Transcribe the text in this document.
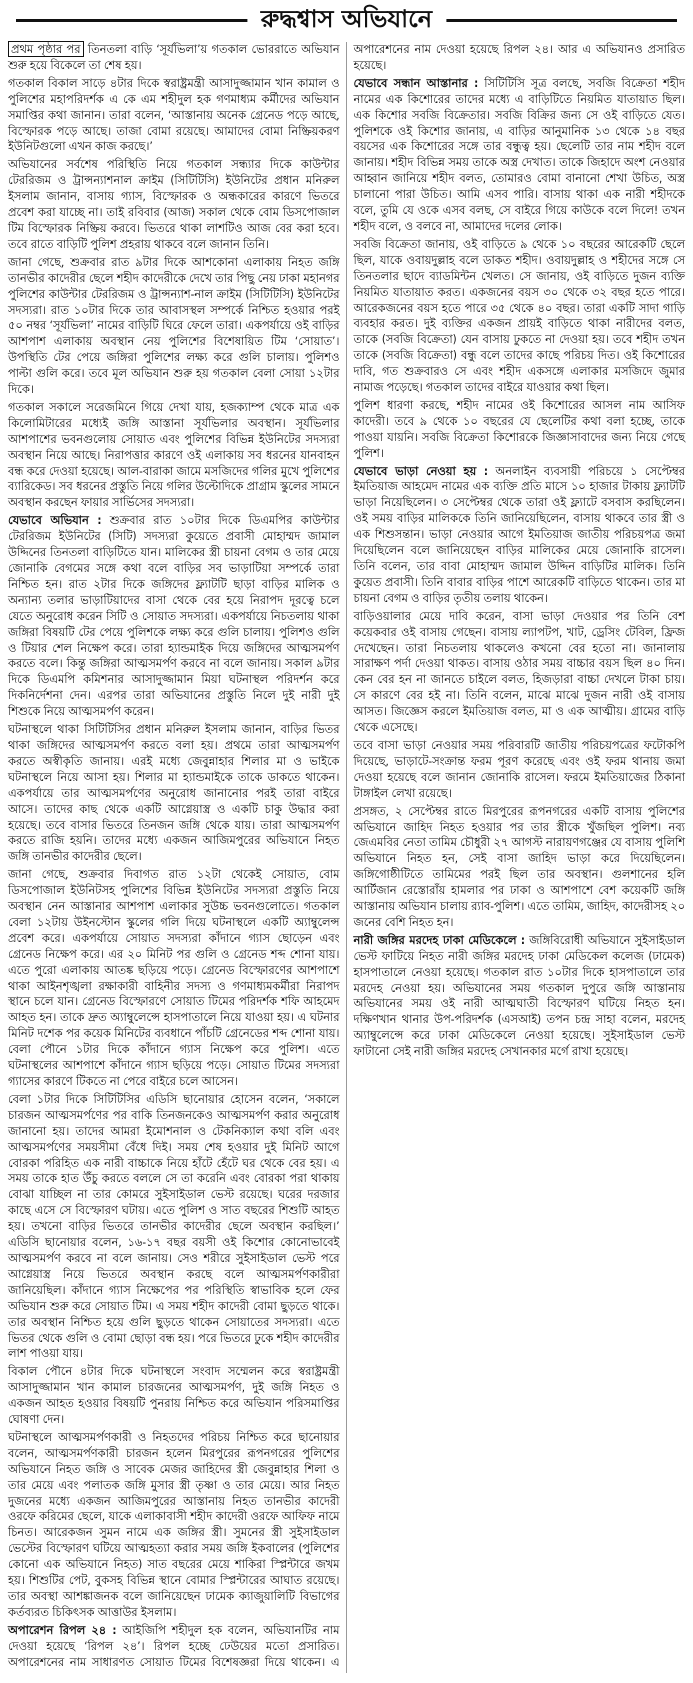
রুদ্ধশ্বাস অভিযানে

প্রথম পৃষ্ঠার পর তিনতলা বাড়ি ‘সূর্যভিলা’য় গতকাল ভোররাতে অভিযান শুরু হয়ে বিকেলে তা শেষ হয়।

গতকাল বিকাল সাড়ে ৪টার দিকে স্বরাষ্ট্রমন্ত্রী আসাদুজ্জামান খান কামাল ও পুলিশের মহাপরিদর্শক এ কে এম শহীদুল হক গণমাধ্যম কর্মীদের অভিযান সমাপ্তির কথা জানান। তারা বলেন, ‘আস্তানায় অনেক গ্রেনেড পড়ে আছে, বিস্ফোরক পড়ে আছে। তাজা বোমা রয়েছে। আমাদের বোমা নিষ্ক্রিয়করণ ইউনিটগুলো এখন কাজ করছে।’

অভিযানের সর্বশেষ পরিস্থিতি নিয়ে গতকাল সন্ধ্যার দিকে কাউন্টার টেররিজম ও ট্রান্সন্যাশনাল ক্রাইম (সিটিটিসি) ইউনিটের প্রধান মনিরুল ইসলাম জানান, বাসায় গ্যাস, বিস্ফোরক ও অন্ধকারের কারণে ভিতরে প্রবেশ করা যাচ্ছে না। তাই রবিবার (আজ) সকাল থেকে বোম ডিসপোজাল টিম বিস্ফোরক নিষ্ক্রিয় করবে। ভিতরে থাকা লাশটিও আজ বের করা হবে। তবে রাতে বাড়িটি পুলিশ প্রহরায় থাকবে বলে জানান তিনি।

জানা গেছে, শুক্রবার রাত ৯টার দিকে আশকোনা এলাকায় নিহত জঙ্গি তানভীর কাদেরীর ছেলে শহীদ কাদেরীকে দেখে তার পিছু নেয় ঢাকা মহানগর পুলিশের কাউন্টার টেররিজম ও ট্রান্সন্যাশ-নাল ক্রাইম (সিটিটিসি) ইউনিটের সদস্যরা। রাত ১০টার দিকে তার আবাসস্থল সম্পর্কে নিশ্চিত হওয়ার পরই ৫০ নম্বর ‘সূর্যভিলা’ নামের বাড়িটি ঘিরে ফেলে তারা। একপর্যায়ে ওই বাড়ির আশপাশ এলাকায় অবস্থান নেয় পুলিশের বিশেষায়িত টিম ‘সোয়াত’। উপস্থিতি টের পেয়ে জঙ্গিরা পুলিশের লক্ষ্য করে গুলি চালায়। পুলিশও পাল্টা গুলি করে। তবে মূল অভিযান শুরু হয় গতকাল বেলা সোয়া ১২টার দিকে।

গতকাল সকালে সরেজমিনে গিয়ে দেখা যায়, হজক্যাম্প থেকে মাত্র এক কিলোমিটারের মধ্যেই জঙ্গি আস্তানা সূর্যভিলার অবস্থান। সূর্যভিলার আশপাশের ভবনগুলোয় সোয়াত এবং পুলিশের বিভিন্ন ইউনিটের সদস্যরা অবস্থান নিয়ে আছে। নিরাপত্তার কারণে ওই এলাকায় সব ধরনের যানবাহন বন্ধ করে দেওয়া হয়েছে। আল-বারাকা জামে মসজিদের গলির মুখে পুলিশের ব্যারিকেড। সব ধরনের প্রস্তুতি নিয়ে গলির উল্টোদিকে প্রাগ্রাম স্কুলের সামনে অবস্থান করছেন ফায়ার সার্ভিসের সদস্যরা।

যেভাবে অভিযান : শুক্রবার রাত ১০টার দিকে ডিএমপির কাউন্টার টেররিজম ইউনিটের (সিটি) সদস্যরা কুয়েতে প্রবাসী মোহাম্মদ জামাল উদ্দিনের তিনতলা বাড়িটিতে যান। মালিকের স্ত্রী চায়না বেগম ও তার মেয়ে জোনাকি বেগমের সঙ্গে কথা বলে বাড়ির সব ভাড়াটিয়া সম্পর্কে তারা নিশ্চিত হন। রাত ২টার দিকে জঙ্গিদের ফ্ল্যাটটি ছাড়া বাড়ির মালিক ও অন্যান্য তলার ভাড়াটিয়াদের বাসা থেকে বের হয়ে নিরাপদ দূরত্বে চলে যেতে অনুরোধ করেন সিটি ও সোয়াত সদস্যরা। একপর্যায়ে নিচতলায় থাকা জঙ্গিরা বিষয়টি টের পেয়ে পুলিশকে লক্ষ্য করে গুলি চালায়। পুলিশও গুলি ও টিয়ার শেল নিক্ষেপ করে। তারা হ্যান্ডমাইক দিয়ে জঙ্গিদের আত্মসমর্পণ করতে বলে। কিন্তু জঙ্গিরা আত্মসমর্পণ করবে না বলে জানায়। সকাল ৯টার দিকে ডিএমপি কমিশনার আসাদুজ্জামান মিয়া ঘটনাস্থল পরিদর্শন করে দিকনির্দেশনা দেন। এরপর তারা অভিযানের প্রস্তুতি নিলে দুই নারী দুই শিশুকে নিয়ে আত্মসমর্পণ করেন।

ঘটনাস্থলে থাকা সিটিটিসির প্রধান মনিরুল ইসলাম জানান, বাড়ির ভিতর থাকা জঙ্গিদের আত্মসমর্পণ করতে বলা হয়। প্রথমে তারা আত্মসমর্পণ করতে অস্বীকৃতি জানায়। এরই মধ্যে জেবুন্নাহার শিলার মা ও ভাইকে ঘটনাস্থলে নিয়ে আসা হয়। শিলার মা হ্যান্ডমাইকে তাকে ডাকতে থাকেন। একপর্যায়ে তার আত্মসমর্পণের অনুরোধ জানানোর পরই তারা বাইরে আসে। তাদের কাছ থেকে একটি আগ্নেয়াস্ত্র ও একটি চাকু উদ্ধার করা হয়েছে। তবে বাসার ভিতরে তিনজন জঙ্গি থেকে যায়। তারা আত্মসমর্পণ করতে রাজি হয়নি। তাদের মধ্যে একজন আজিমপুরের অভিযানে নিহত জঙ্গি তানভীর কাদেরীর ছেলে।

জানা গেছে, শুক্রবার দিবাগত রাত ১২টা থেকেই সোয়াত, বোম ডিসপোজাল ইউনিটসহ পুলিশের বিভিন্ন ইউনিটের সদস্যরা প্রস্তুতি নিয়ে অবস্থান নেন আস্তানার আশপাশ এলাকার সুউচ্চ ভবনগুলোতে। গতকাল বেলা ১২টায় উইনস্টোন স্কুলের গলি দিয়ে ঘটনাস্থলে একটি অ্যাম্বুলেন্স প্রবেশ করে। একপর্যায়ে সোয়াত সদস্যরা কাঁদানে গ্যাস ছোড়েন এবং গ্রেনেড নিক্ষেপ করে। এর ২০ মিনিট পর গুলি ও গ্রেনেড শব্দ শোনা যায়। এতে পুরো এলাকায় আতঙ্ক ছড়িয়ে পড়ে। গ্রেনেড বিস্ফোরণের আশপাশে থাকা আইনশৃঙ্খলা রক্ষাকারী বাহিনীর সদস্য ও গণমাধ্যমকর্মীরা নিরাপদ স্থানে চলে যান। গ্রেনেড বিস্ফোরণে সোয়াত টিমের পরিদর্শক শফি আহমেদ আহত হন। তাকে দ্রুত অ্যাম্বুলেন্সে হাসপাতালে নিয়ে যাওয়া হয়। এ ঘটনার মিনিট দশেক পর কয়েক মিনিটের ব্যবধানে পাঁচটি গ্রেনেডের শব্দ শোনা যায়। বেলা পৌনে ১টার দিকে কাঁদানে গ্যাস নিক্ষেপ করে পুলিশ। এতে ঘটনাস্থলের আশপাশে কাঁদানে গ্যাস ছড়িয়ে পড়ে। সোয়াত টিমের সদস্যরা গ্যাসের কারণে টিকতে না পেরে বাইরে চলে আসেন।

বেলা ১টার দিকে সিটিটিসির এডিসি ছানোয়ার হোসেন বলেন, ‘সকালে চারজন আত্মসমর্পণের পর বাকি তিনজনকেও আত্মসমর্পণ করার অনুরোধ জানানো হয়। তাদের আমরা ইমোশনাল ও টেকনিক্যাল কথা বলি এবং আত্মসমর্পণের সময়সীমা বেঁধে দিই। সময় শেষ হওয়ার দুই মিনিট আগে বোরকা পরিহিত এক নারী বাচ্চাকে নিয়ে হাঁটে হেঁটে ঘর থেকে বের হয়। এ সময় তাকে হাত উঁচু করতে বললে সে তা করেনি এবং বোরকা পরা থাকায় বোঝা যাচ্ছিল না তার কোমরে সুইসাইডাল ভেস্ট রয়েছে। ঘরের দরজার কাছে এসে সে বিস্ফোরণ ঘটায়। এতে পুলিশ ও সাত বছরের শিশুটি আহত হয়। তখনো বাড়ির ভিতরে তানভীর কাদেরীর ছেলে অবস্থান করছিল।’ এডিসি ছানোয়ার বলেন, ১৬-১৭ বছর বয়সী ওই কিশোর কোনোভাবেই আত্মসমর্পণ করবে না বলে জানায়। সেও শরীরে সুইসাইডাল ভেস্ট পরে আগ্নেয়াস্ত্র নিয়ে ভিতরে অবস্থান করছে বলে আত্মসমর্পণকারীরা জানিয়েছিল। কাঁদানে গ্যাস নিক্ষেপের পর পরিস্থিতি স্বাভাবিক হলে ফের অভিযান শুরু করে সোয়াত টিম। এ সময় শহীদ কাদেরী বোমা ছুড়তে থাকে। তার অবস্থান নিশ্চিত হয়ে গুলি ছুড়তে থাকেন সোয়াতের সদস্যরা। এতে ভিতর থেকে গুলি ও বোমা ছোড়া বন্ধ হয়। পরে ভিতরে ঢুকে শহীদ কাদেরীর লাশ পাওয়া যায়।

বিকাল পৌনে ৪টার দিকে ঘটনাস্থলে সংবাদ সম্মেলন করে স্বরাষ্ট্রমন্ত্রী আসাদুজ্জামান খান কামাল চারজনের আত্মসমর্পণ, দুই জঙ্গি নিহত ও একজন আহত হওয়ার বিষয়টি পুনরায় নিশ্চিত করে অভিযান পরিসমাপ্তির ঘোষণা দেন।

ঘটনাস্থলে আত্মসমর্পণকারী ও নিহতদের পরিচয় নিশ্চিত করে ছানোয়ার বলেন, আত্মসমর্পণকারী চারজন হলেন মিরপুরের রূপনগরের পুলিশের অভিযানে নিহত জঙ্গি ও সাবেক মেজর জাহিদের স্ত্রী জেবুন্নাহার শিলা ও তার মেয়ে এবং পলাতক জঙ্গি মুসার স্ত্রী তৃষ্ণা ও তার মেয়ে। আর নিহত দুজনের মধ্যে একজন আজিমপুরের আস্তানায় নিহত তানভীর কাদেরী ওরফে করিমের ছেলে, যাকে এলাকাবাসী শহীদ কাদেরী ওরফে আফিফ নামে চিনত। আরেকজন সুমন নামে এক জঙ্গির স্ত্রী। সুমনের স্ত্রী সুইসাইডাল ভেস্টের বিস্ফোরণ ঘটিয়ে আত্মহত্যা করার সময় জঙ্গি ইকবালের (পুলিশের কোনো এক অভিযানে নিহত) সাত বছরের মেয়ে শাকিরা স্প্লিন্টারে জখম হয়। শিশুটির পেট, বুকসহ বিভিন্ন স্থানে বোমার স্প্লিন্টারের আঘাত রয়েছে। তার অবস্থা আশঙ্কাজনক বলে জানিয়েছেন ঢামেক ক্যাজুয়ালিটি বিভাগের কর্তব্যরত চিকিৎসক আত্তাউর ইসলাম।

অপারেশন রিপল ২৪ : আইজিপি শহীদুল হক বলেন, অভিযানটির নাম দেওয়া হয়েছে ‘রিপল ২৪’। রিপল হচ্ছে ঢেউয়ের মতো প্রসারিত। অপারেশনের নাম সাধারণত সোয়াত টিমের বিশেষজ্ঞরা দিয়ে থাকেন। এ অপারেশনের নাম দেওয়া হয়েছে রিপল ২৪। আর এ অভিযানও প্রসারিত হয়েছে।

যেভাবে সন্ধান আস্তানার : সিটিটিসি সূত্র বলছে, সবজি বিক্রেতা শহীদ নামের এক কিশোরের তাদের মধ্যে এ বাড়িটিতে নিয়মিত যাতায়াত ছিল। এক কিশোর সবজি বিক্রেতার। সবজি বিক্রির জন্য সে ওই বাড়িতে যেত। পুলিশকে ওই কিশোর জানায়, এ বাড়ির আনুমানিক ১৩ থেকে ১৪ বছর বয়সের এক কিশোরের সঙ্গে তার বন্ধুত্ব হয়। ছেলেটি তার নাম শহীদ বলে জানায়। শহীদ বিভিন্ন সময় তাকে অস্ত্র দেখাত। তাকে জিহাদে অংশ নেওয়ার আহ্বান জানিয়ে শহীদ বলত, তোমারও বোমা বানানো শেখা উচিত, অস্ত্র চালানো পারা উচিত। আমি এসব পারি। বাসায় থাকা এক নারী শহীদকে বলে, তুমি যে ওকে এসব বলছ, সে বাইরে গিয়ে কাউকে বলে দিলে! তখন শহীদ বলে, ও বলবে না, আমাদের দলের লোক।

সবজি বিক্রেতা জানায়, ওই বাড়িতে ৯ থেকে ১০ বছরের আরেকটি ছেলে ছিল, যাকে ওবায়দুল্লাহ বলে ডাকত শহীদ। ওবায়দুল্লাহ ও শহীদের সঙ্গে সে তিনতলার ছাদে ব্যাডমিন্টন খেলত। সে জানায়, ওই বাড়িতে দুজন ব্যক্তি নিয়মিত যাতায়াত করত। একজনের বয়স ৩০ থেকে ৩২ বছর হতে পারে। আরেকজনের বয়স হতে পারে ৩৫ থেকে ৪০ বছর। তারা একটি সাদা গাড়ি ব্যবহার করত। দুই ব্যক্তির একজন প্রায়ই বাড়িতে থাকা নারীদের বলত, তাকে (সবজি বিক্রেতা) যেন বাসায় ঢুকতে না দেওয়া হয়। তবে শহীদ তখন তাকে (সবজি বিক্রেতা) বন্ধু বলে তাদের কাছে পরিচয় দিত। ওই কিশোরের দাবি, গত শুক্রবারও সে এবং শহীদ একসঙ্গে এলাকার মসজিদে জুমার নামাজ পড়েছে। গতকাল তাদের বাইরে যাওয়ার কথা ছিল।

পুলিশ ধারণা করছে, শহীদ নামের ওই কিশোরের আসল নাম আসিফ কাদেরী। তবে ৯ থেকে ১০ বছরের যে ছেলেটির কথা বলা হচ্ছে, তাকে পাওয়া যায়নি। সবজি বিক্রেতা কিশোরকে জিজ্ঞাসাবাদের জন্য নিয়ে গেছে পুলিশ।

যেভাবে ভাড়া নেওয়া হয় : অনলাইন ব্যবসায়ী পরিচয়ে ১ সেপ্টেম্বর ইমতিয়াজ আহমেদ নামের এক ব্যক্তি প্রতি মাসে ১০ হাজার টাকায় ফ্ল্যাটটি ভাড়া নিয়েছিলেন। ৩ সেপ্টেম্বর থেকে তারা ওই ফ্ল্যাটে বসবাস করছিলেন। ওই সময় বাড়ির মালিককে তিনি জানিয়েছিলেন, বাসায় থাকবে তার স্ত্রী ও এক শিশুসন্তান। ভাড়া নেওয়ার আগে ইমতিয়াজ জাতীয় পরিচয়পত্র জমা দিয়েছিলেন বলে জানিয়েছেন বাড়ির মালিকের মেয়ে জোনাকি রাসেল। তিনি বলেন, তার বাবা মোহাম্মদ জামাল উদ্দিন বাড়িটির মালিক। তিনি কুয়েত প্রবাসী। তিনি বাবার বাড়ির পাশে আরেকটি বাড়িতে থাকেন। তার মা চায়না বেগম ও বাড়ির তৃতীয় তলায় থাকেন।

বাড়িওয়ালার মেয়ে দাবি করেন, বাসা ভাড়া দেওয়ার পর তিনি বেশ কয়েকবার ওই বাসায় গেছেন। বাসায় ল্যাপটপ, খাট, ড্রেসিং টেবিল, ফ্রিজ দেখেছেন। তারা নিচতলায় থাকলেও কখনো বের হতো না। জানালায় সারাক্ষণ পর্দা দেওয়া থাকত। বাসায় ওঠার সময় বাচ্চার বয়স ছিল ৪০ দিন। কেন বের হন না জানতে চাইলে বলত, হিজড়ারা বাচ্চা দেখলে টাকা চায়। সে কারণে বের হই না। তিনি বলেন, মাঝে মাঝে দুজন নারী ওই বাসায় আসত। জিজ্ঞেস করলে ইমতিয়াজ বলত, মা ও এক আত্মীয়। গ্রামের বাড়ি থেকে এসেছে।

তবে বাসা ভাড়া নেওয়ার সময় পরিবারটি জাতীয় পরিচয়পত্রের ফটোকপি দিয়েছে, ভাড়াটে-সংক্রান্ত ফরম পূরণ করেছে এবং ওই ফরম থানায় জমা দেওয়া হয়েছে বলে জানান জোনাকি রাসেল। ফরমে ইমতিয়াজের ঠিকানা টাঙ্গাইল লেখা রয়েছে।

প্রসঙ্গত, ২ সেপ্টেম্বর রাতে মিরপুরের রূপনগরের একটি বাসায় পুলিশের অভিযানে জাহিদ নিহত হওয়ার পর তার স্ত্রীকে খুঁজছিল পুলিশ। নব্য জেএমবির নেতা তামিম চৌধুরী ২৭ আগস্ট নারায়ণগঞ্জের যে বাসায় পুলিশি অভিযানে নিহত হন, সেই বাসা জাহিদ ভাড়া করে দিয়েছিলেন। জঙ্গিগোষ্ঠীটিতে তামিমের পরই ছিল তার অবস্থান। গুলশানের হলি আর্টিজান রেস্তোরাঁয় হামলার পর ঢাকা ও আশপাশে বেশ কয়েকটি জঙ্গি আস্তানায় অভিযান চালায় র‌্যাব-পুলিশ। এতে তামিম, জাহিদ, কাদেরীসহ ২০ জনের বেশি নিহত হন।

নারী জঙ্গির মরদেহ ঢাকা মেডিকেলে : জঙ্গিবিরোধী অভিযানে সুইসাইডাল ভেস্ট ফাটিয়ে নিহত নারী জঙ্গির মরদেহ ঢাকা মেডিকেল কলেজ (ঢামেক) হাসপাতালে নেওয়া হয়েছে। গতকাল রাত ১০টার দিকে হাসপাতালে তার মরদেহ নেওয়া হয়। অভিযানের সময় গতকাল দুপুরে জঙ্গি আস্তানায় অভিযানের সময় ওই নারী আত্মঘাতী বিস্ফোরণ ঘটিয়ে নিহত হন। দক্ষিণখান থানার উপ-পরিদর্শক (এসআই) তপন চন্দ্র সাহা বলেন, মরদেহ অ্যাম্বুলেন্সে করে ঢাকা মেডিকেলে নেওয়া হয়েছে। সুইসাইডাল ভেস্ট ফাটানো সেই নারী জঙ্গির মরদেহ সেখানকার মর্গে রাখা হয়েছে।
